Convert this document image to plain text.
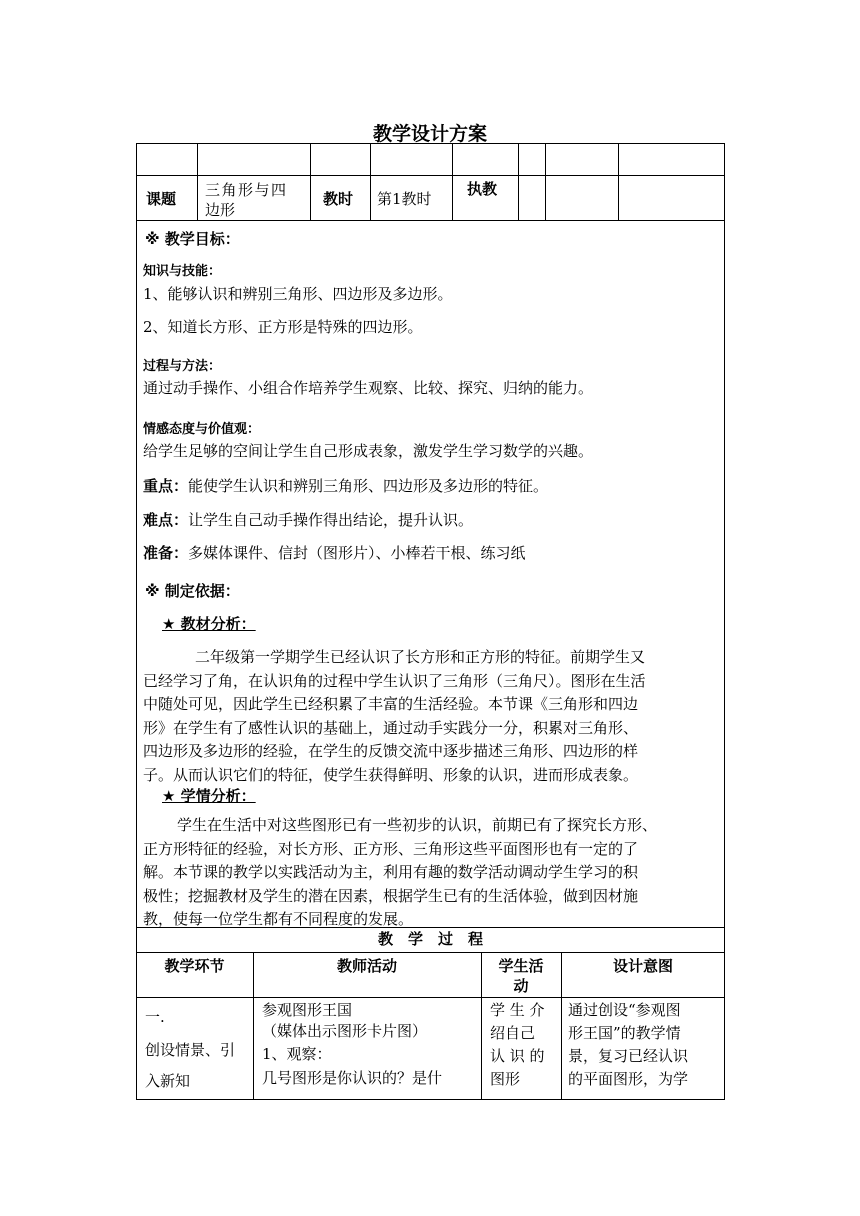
教学设计方案
课题 三角形与四
边形
教时 第1教时
执教
※ 教学目标：
知识与技能：
1、能够认识和辨别三角形、四边形及多边形。
2、知道长方形、正方形是特殊的四边形。
过程与方法：
通过动手操作、小组合作培养学生观察、比较、探究、归纳的能力。
情感态度与价值观：
给学生足够的空间让学生自己形成表象，激发学生学习数学的兴趣。
重点：能使学生认识和辨别三角形、四边形及多边形的特征。
难点：让学生自己动手操作得出结论，提升认识。
准备：多媒体课件、信封（图形片）、小棒若干根、练习纸
※ 制定依据：
★ 教材分析：
二年级第一学期学生已经认识了长方形和正方形的特征。前期学生又
已经学习了角，在认识角的过程中学生认识了三角形（三角尺）。图形在生活
中随处可见，因此学生已经积累了丰富的生活经验。本节课《三角形和四边
形》在学生有了感性认识的基础上，通过动手实践分一分，积累对三角形、
四边形及多边形的经验，在学生的反馈交流中逐步描述三角形、四边形的样
子。从而认识它们的特征，使学生获得鲜明、形象的认识，进而形成表象。
★ 学情分析：
学生在生活中对这些图形已有一些初步的认识，前期已有了探究长方形、
正方形特征的经验，对长方形、正方形、三角形这些平面图形也有一定的了
解。本节课的教学以实践活动为主，利用有趣的数学活动调动学生学习的积
极性；挖掘教材及学生的潜在因素，根据学生已有的生活体验，做到因材施
教，使每一位学生都有不同程度的发展。
教　学　过　程
教学环节	教师活动	学生活
动
设计意图
一.
创设情景、引
入新知
参观图形王国
（媒体出示图形卡片图）
1、观察：
几号图形是你认识的？是什
学 生 介
绍自己
认 识 的
图形
通过创设“参观图
形王国”的教学情
景，复习已经认识
的平面图形，为学
